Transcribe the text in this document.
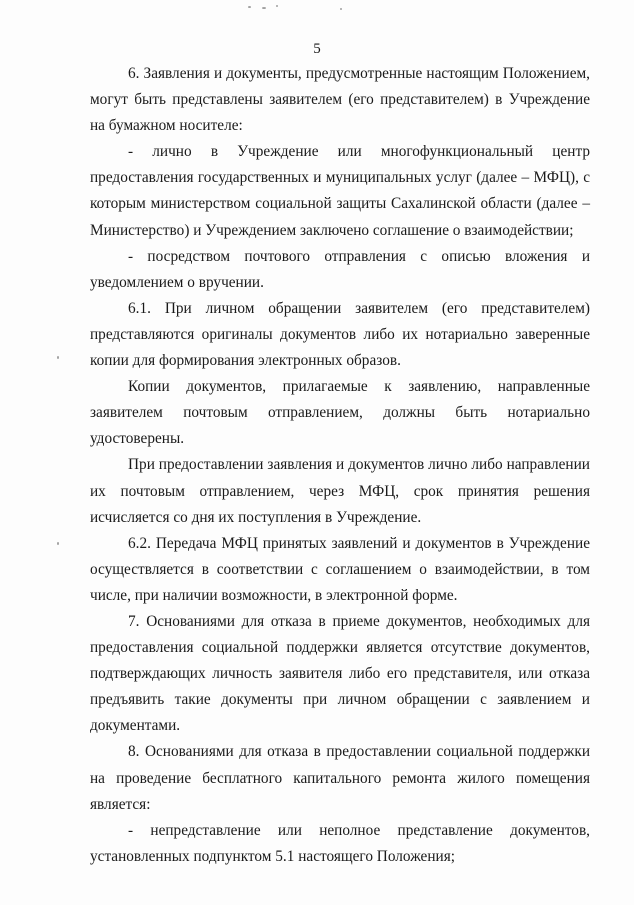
5

6. Заявления и документы, предусмотренные настоящим Положением, могут быть представлены заявителем (его представителем) в Учреждение на бумажном носителе:

- лично в Учреждение или многофункциональный центр предоставления государственных и муниципальных услуг (далее – МФЦ), с которым министерством социальной защиты Сахалинской области (далее – Министерство) и Учреждением заключено соглашение о взаимодействии;

- посредством почтового отправления с описью вложения и уведомлением о вручении.

6.1. При личном обращении заявителем (его представителем) представляются оригиналы документов либо их нотариально заверенные копии для формирования электронных образов.

Копии документов, прилагаемые к заявлению, направленные заявителем почтовым отправлением, должны быть нотариально удостоверены.

При предоставлении заявления и документов лично либо направлении их почтовым отправлением, через МФЦ, срок принятия решения исчисляется со дня их поступления в Учреждение.

6.2. Передача МФЦ принятых заявлений и документов в Учреждение осуществляется в соответствии с соглашением о взаимодействии, в том числе, при наличии возможности, в электронной форме.

7. Основаниями для отказа в приеме документов, необходимых для предоставления социальной поддержки является отсутствие документов, подтверждающих личность заявителя либо его представителя, или отказа предъявить такие документы при личном обращении с заявлением и документами.

8. Основаниями для отказа в предоставлении социальной поддержки на проведение бесплатного капитального ремонта жилого помещения является:

- непредставление или неполное представление документов, установленных подпунктом 5.1 настоящего Положения;
